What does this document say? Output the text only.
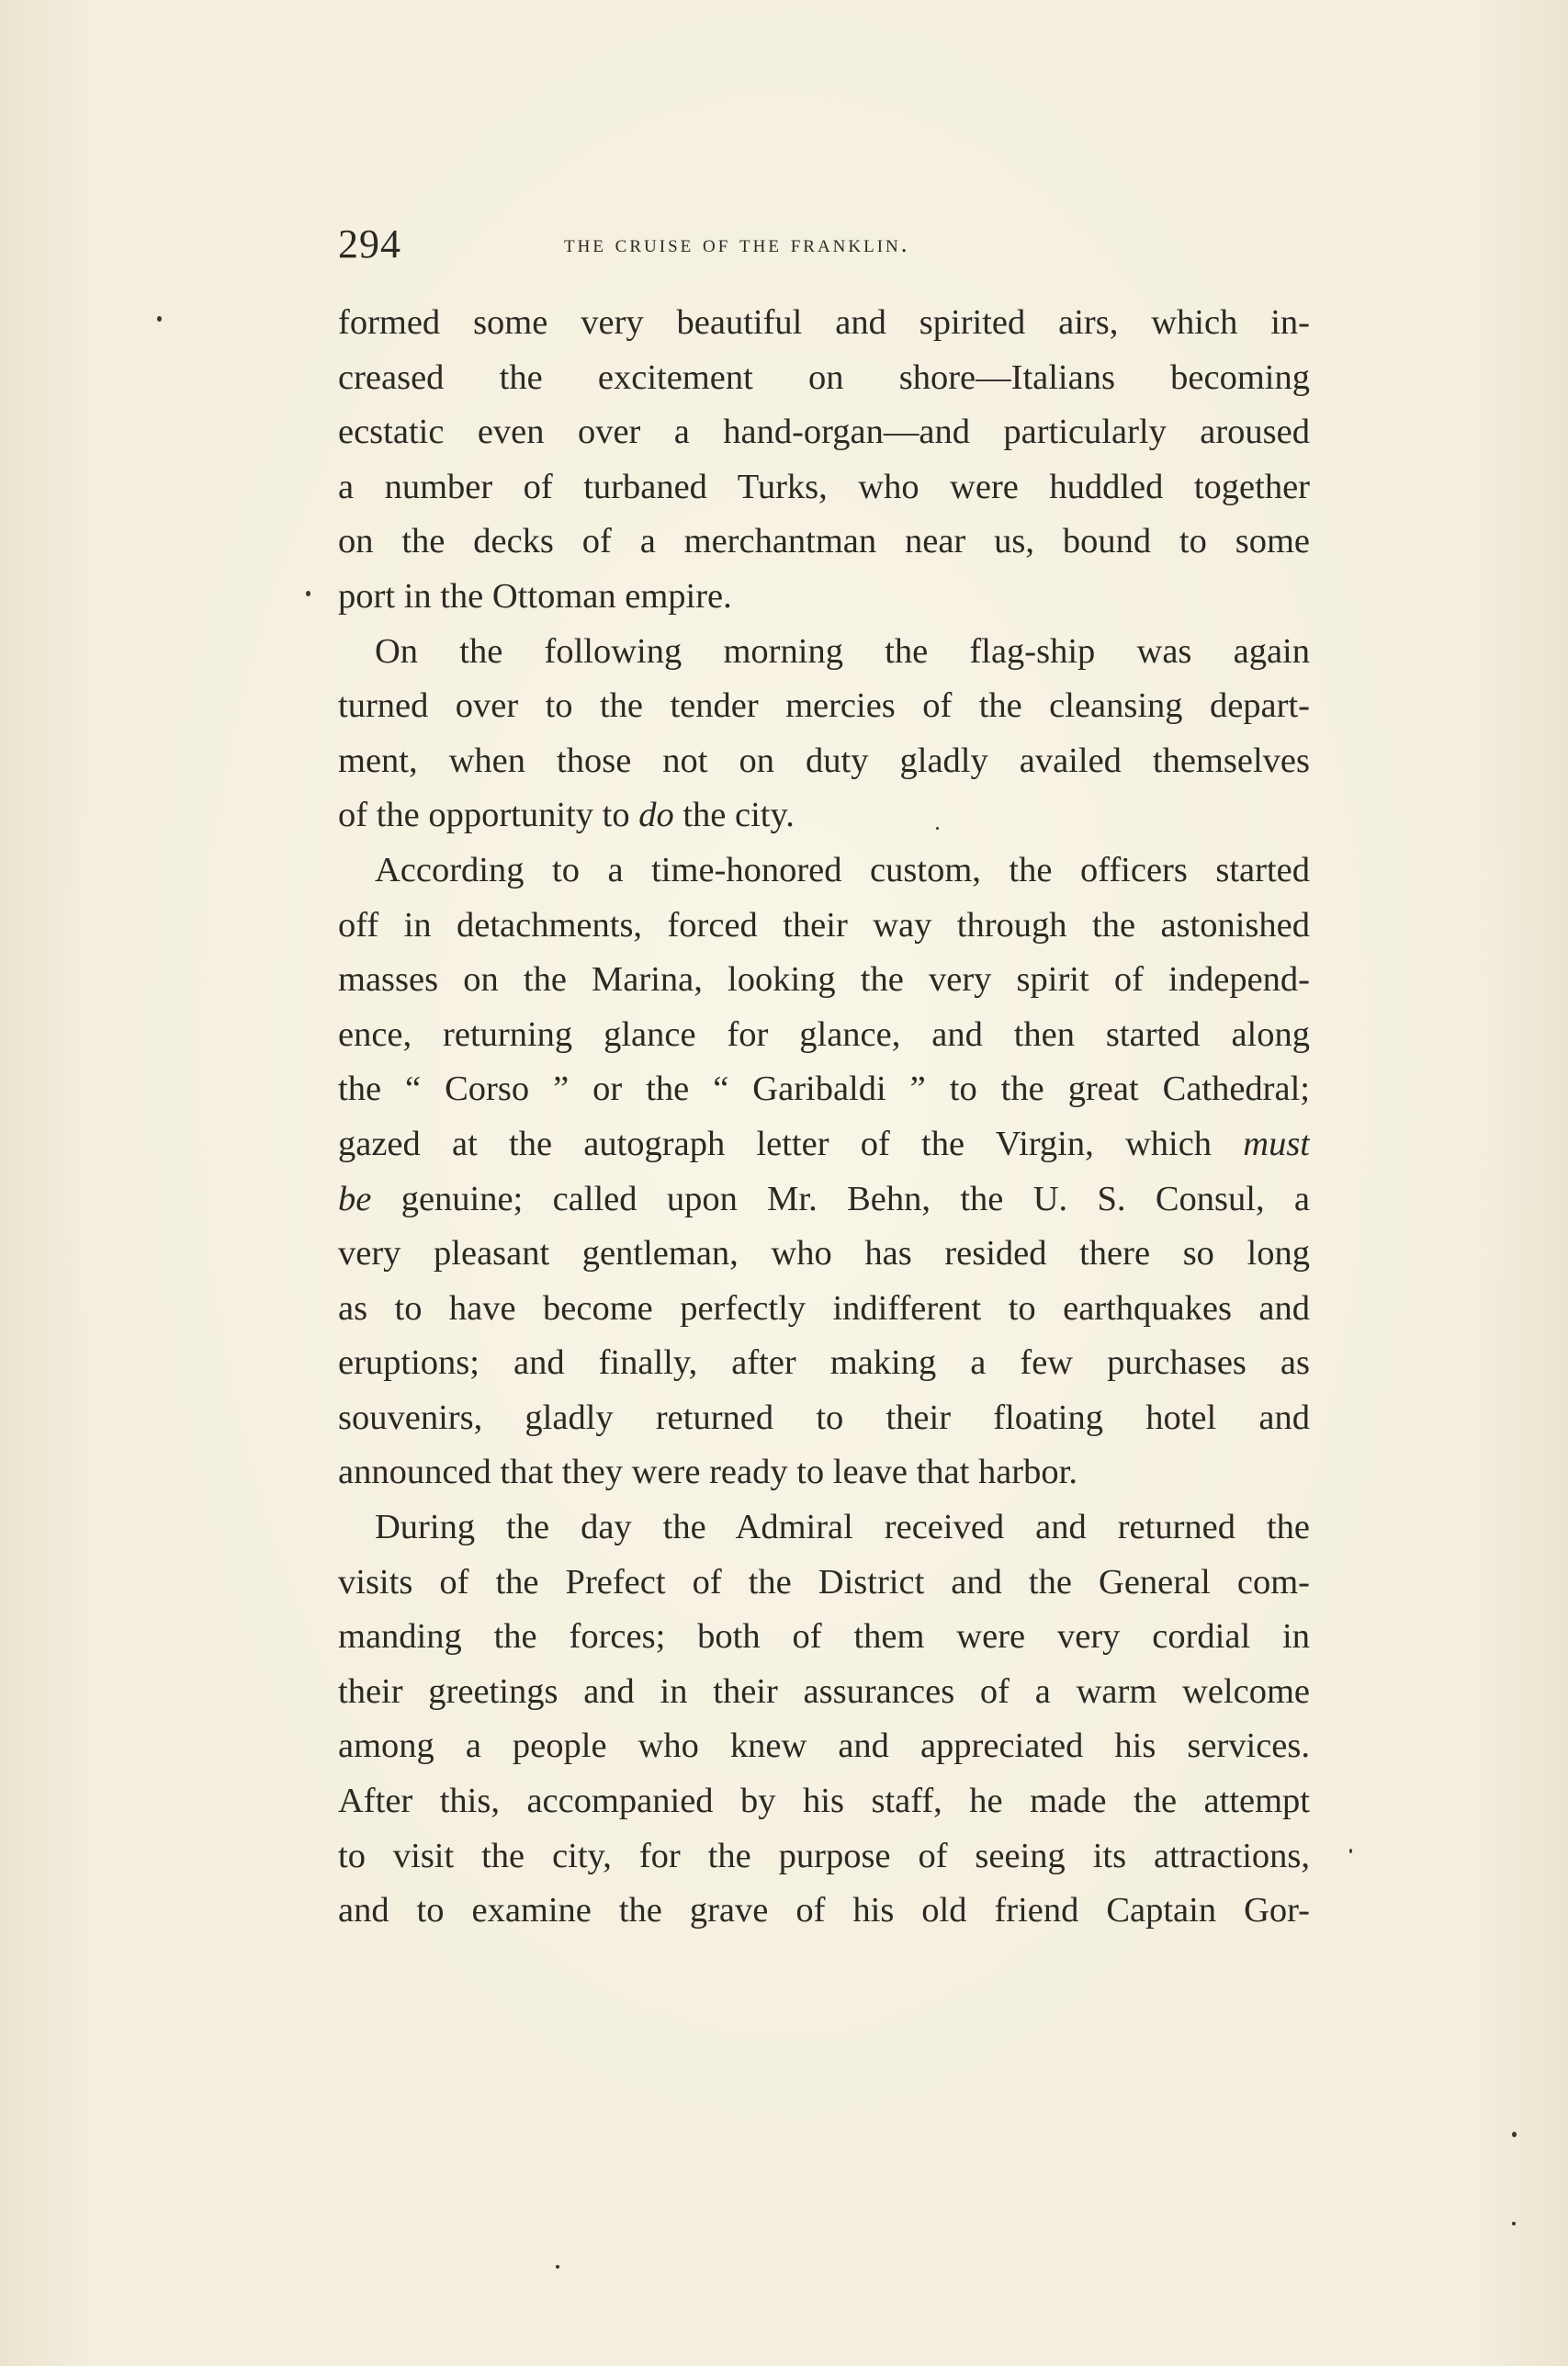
294	the cruise of the franklin.

formed some very beautiful and spirited airs, which in-
creased the excitement on shore—Italians becoming
ecstatic even over a hand-organ—and particularly aroused
a number of turbaned Turks, who were huddled together
on the decks of a merchantman near us, bound to some
port in the Ottoman empire.

On the following morning the flag-ship was again
turned over to the tender mercies of the cleansing depart-
ment, when those not on duty gladly availed themselves
of the opportunity to do the city.

According to a time-honored custom, the officers started
off in detachments, forced their way through the astonished
masses on the Marina, looking the very spirit of independ-
ence, returning glance for glance, and then started along
the “ Corso ” or the “ Garibaldi ” to the great Cathedral;
gazed at the autograph letter of the Virgin, which must
be genuine; called upon Mr. Behn, the U. S. Consul, a
very pleasant gentleman, who has resided there so long
as to have become perfectly indifferent to earthquakes and
eruptions; and finally, after making a few purchases as
souvenirs, gladly returned to their floating hotel and
announced that they were ready to leave that harbor.

During the day the Admiral received and returned the
visits of the Prefect of the District and the General com-
manding the forces; both of them were very cordial in
their greetings and in their assurances of a warm welcome
among a people who knew and appreciated his services.
After this, accompanied by his staff, he made the attempt
to visit the city, for the purpose of seeing its attractions,
and to examine the grave of his old friend Captain Gor-
